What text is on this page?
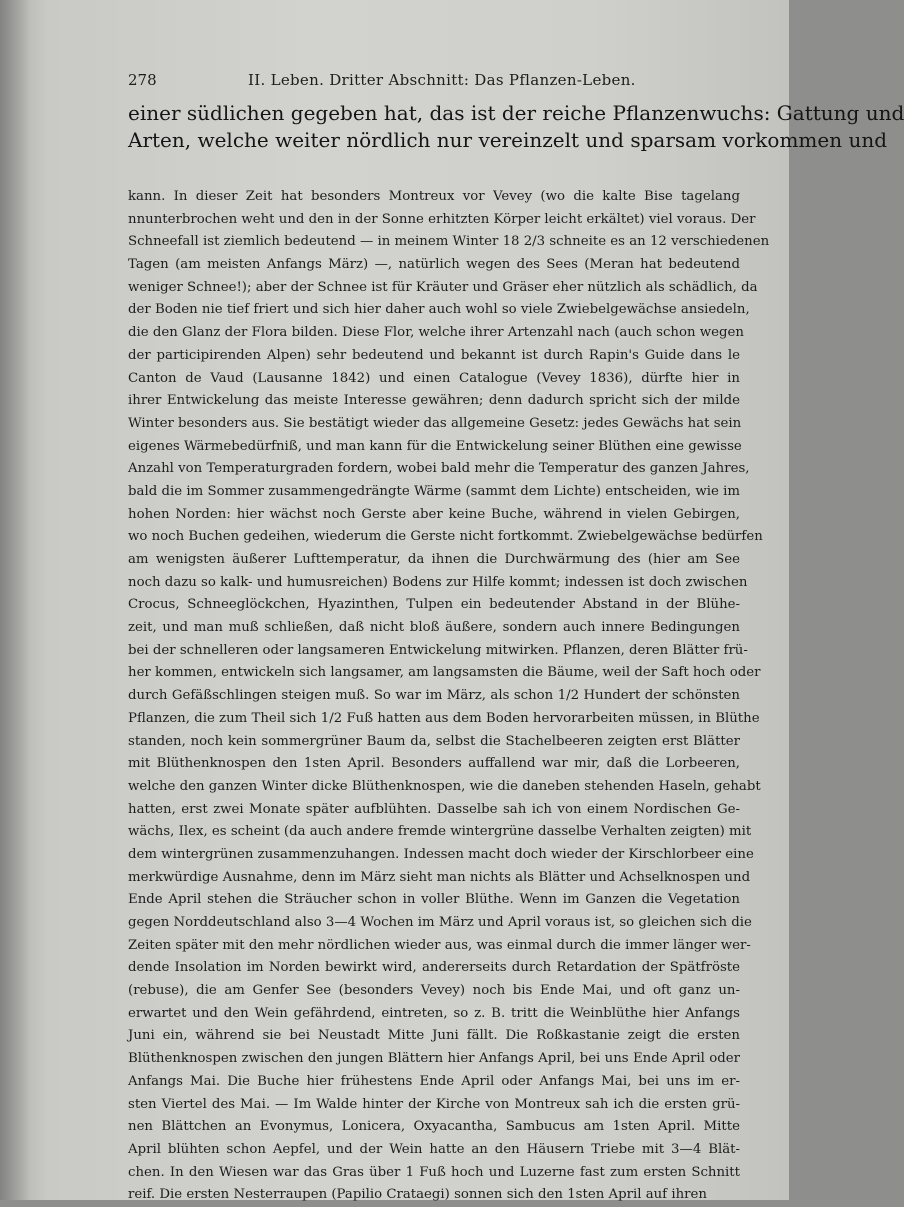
278	II. Leben. Dritter Abschnitt: Das Pflanzen-Leben.
einer südlichen gegeben hat, das ist der reiche Pflanzenwuchs: Gattung und
Arten, welche weiter nördlich nur vereinzelt und sparsam vorkommen und
kann. In dieser Zeit hat besonders Montreux vor Vevey (wo die kalte Bise tagelang
nnunterbrochen weht und den in der Sonne erhitzten Körper leicht erkältet) viel voraus. Der
Schneefall ist ziemlich bedeutend — in meinem Winter 18 2/3 schneite es an 12 verschiedenen
Tagen (am meisten Anfangs März) —, natürlich wegen des Sees (Meran hat bedeutend
weniger Schnee!); aber der Schnee ist für Kräuter und Gräser eher nützlich als schädlich, da
der Boden nie tief friert und sich hier daher auch wohl so viele Zwiebelgewächse ansiedeln,
die den Glanz der Flora bilden. Diese Flor, welche ihrer Artenzahl nach (auch schon wegen
der participirenden Alpen) sehr bedeutend und bekannt ist durch Rapin's Guide dans le
Canton de Vaud (Lausanne 1842) und einen Catalogue (Vevey 1836), dürfte hier in
ihrer Entwickelung das meiste Interesse gewähren; denn dadurch spricht sich der milde
Winter besonders aus. Sie bestätigt wieder das allgemeine Gesetz: jedes Gewächs hat sein
eigenes Wärmebedürfniß, und man kann für die Entwickelung seiner Blüthen eine gewisse
Anzahl von Temperaturgraden fordern, wobei bald mehr die Temperatur des ganzen Jahres,
bald die im Sommer zusammengedrängte Wärme (sammt dem Lichte) entscheiden, wie im
hohen Norden: hier wächst noch Gerste aber keine Buche, während in vielen Gebirgen,
wo noch Buchen gedeihen, wiederum die Gerste nicht fortkommt. Zwiebelgewächse bedürfen
am wenigsten äußerer Lufttemperatur, da ihnen die Durchwärmung des (hier am See
noch dazu so kalk- und humusreichen) Bodens zur Hilfe kommt; indessen ist doch zwischen
Crocus, Schneeglöckchen, Hyazinthen, Tulpen ein bedeutender Abstand in der Blühe-
zeit, und man muß schließen, daß nicht bloß äußere, sondern auch innere Bedingungen
bei der schnelleren oder langsameren Entwickelung mitwirken. Pflanzen, deren Blätter frü-
her kommen, entwickeln sich langsamer, am langsamsten die Bäume, weil der Saft hoch oder
durch Gefäßschlingen steigen muß. So war im März, als schon 1/2 Hundert der schönsten
Pflanzen, die zum Theil sich 1/2 Fuß hatten aus dem Boden hervorarbeiten müssen, in Blüthe
standen, noch kein sommergrüner Baum da, selbst die Stachelbeeren zeigten erst Blätter
mit Blüthenknospen den 1sten April. Besonders auffallend war mir, daß die Lorbeeren,
welche den ganzen Winter dicke Blüthenknospen, wie die daneben stehenden Haseln, gehabt
hatten, erst zwei Monate später aufblühten. Dasselbe sah ich von einem Nordischen Ge-
wächs, Ilex, es scheint (da auch andere fremde wintergrüne dasselbe Verhalten zeigten) mit
dem wintergrünen zusammenzuhangen. Indessen macht doch wieder der Kirschlorbeer eine
merkwürdige Ausnahme, denn im März sieht man nichts als Blätter und Achselknospen und
Ende April stehen die Sträucher schon in voller Blüthe. Wenn im Ganzen die Vegetation
gegen Norddeutschland also 3—4 Wochen im März und April voraus ist, so gleichen sich die
Zeiten später mit den mehr nördlichen wieder aus, was einmal durch die immer länger wer-
dende Insolation im Norden bewirkt wird, andererseits durch Retardation der Spätfröste
(rebuse), die am Genfer See (besonders Vevey) noch bis Ende Mai, und oft ganz un-
erwartet und den Wein gefährdend, eintreten, so z. B. tritt die Weinblüthe hier Anfangs
Juni ein, während sie bei Neustadt Mitte Juni fällt. Die Roßkastanie zeigt die ersten
Blüthenknospen zwischen den jungen Blättern hier Anfangs April, bei uns Ende April oder
Anfangs Mai. Die Buche hier frühestens Ende April oder Anfangs Mai, bei uns im er-
sten Viertel des Mai. — Im Walde hinter der Kirche von Montreux sah ich die ersten grü-
nen Blättchen an Evonymus, Lonicera, Oxyacantha, Sambucus am 1sten April. Mitte
April blühten schon Aepfel, und der Wein hatte an den Häusern Triebe mit 3—4 Blät-
chen. In den Wiesen war das Gras über 1 Fuß hoch und Luzerne fast zum ersten Schnitt
reif. Die ersten Nesterraupen (Papilio Crataegi) sonnen sich den 1sten April auf ihren
